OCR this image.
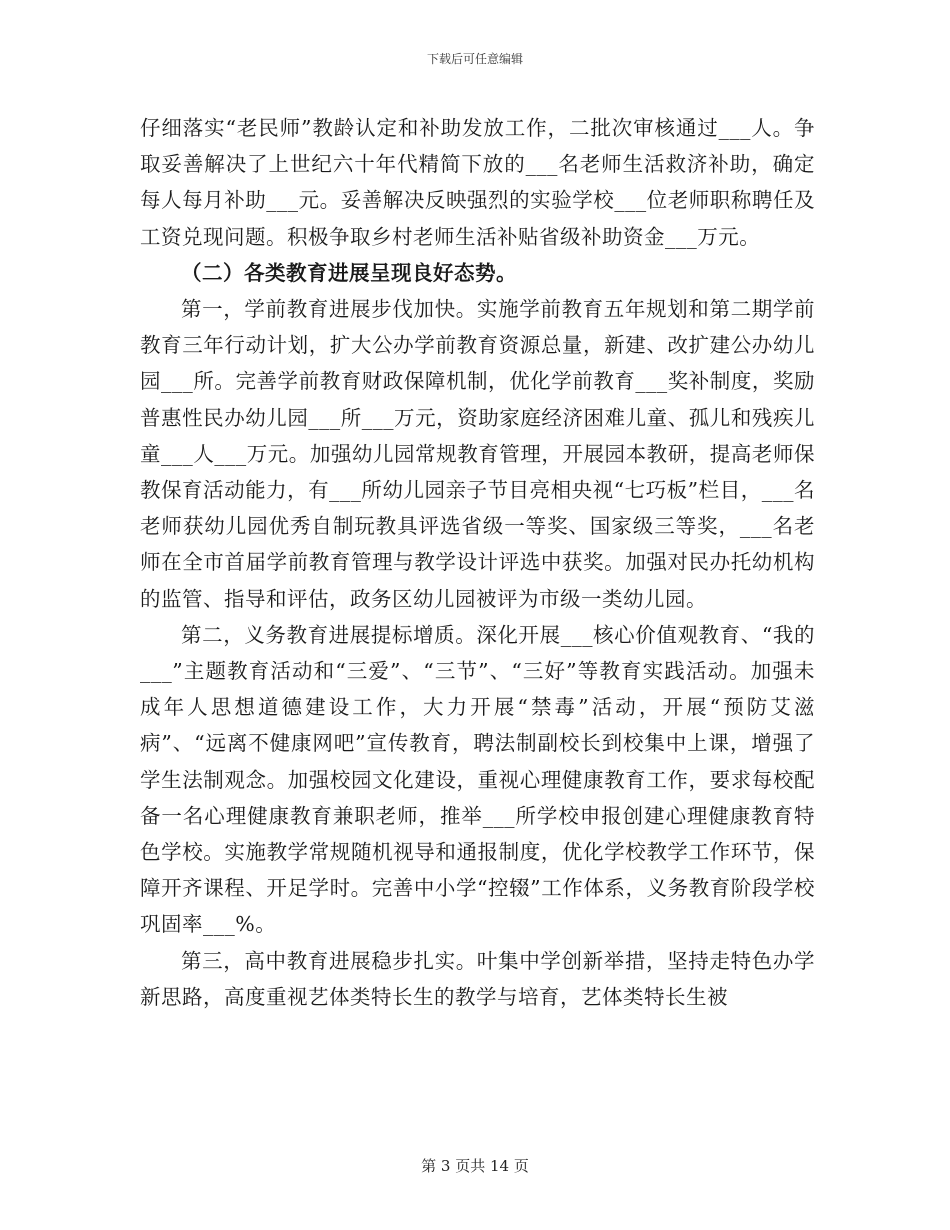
下载后可任意编辑

仔细落实“老民师”教龄认定和补助发放工作，二批次审核通过___人。争取妥善解决了上世纪六十年代精简下放的___名老师生活救济补助，确定每人每月补助___元。妥善解决反映强烈的实验学校___位老师职称聘任及工资兑现问题。积极争取乡村老师生活补贴省级补助资金___万元。

（二）各类教育进展呈现良好态势。

第一，学前教育进展步伐加快。实施学前教育五年规划和第二期学前教育三年行动计划，扩大公办学前教育资源总量，新建、改扩建公办幼儿园___所。完善学前教育财政保障机制，优化学前教育___奖补制度，奖励普惠性民办幼儿园___所___万元，资助家庭经济困难儿童、孤儿和残疾儿童___人___万元。加强幼儿园常规教育管理，开展园本教研，提高老师保教保育活动能力，有___所幼儿园亲子节目亮相央视“七巧板”栏目，___名老师获幼儿园优秀自制玩教具评选省级一等奖、国家级三等奖，___名老师在全市首届学前教育管理与教学设计评选中获奖。加强对民办托幼机构的监管、指导和评估，政务区幼儿园被评为市级一类幼儿园。

第二，义务教育进展提标增质。深化开展___核心价值观教育、“我的___”主题教育活动和“三爱”、“三节”、“三好”等教育实践活动。加强未成年人思想道德建设工作，大力开展“禁毒”活动，开展“预防艾滋病”、“远离不健康网吧”宣传教育，聘法制副校长到校集中上课，增强了学生法制观念。加强校园文化建设，重视心理健康教育工作，要求每校配备一名心理健康教育兼职老师，推举___所学校申报创建心理健康教育特色学校。实施教学常规随机视导和通报制度，优化学校教学工作环节，保障开齐课程、开足学时。完善中小学“控辍”工作体系，义务教育阶段学校巩固率___%。

第三，高中教育进展稳步扎实。叶集中学创新举措，坚持走特色办学新思路，高度重视艺体类特长生的教学与培育，艺体类特长生被

第 3 页共 14 页
